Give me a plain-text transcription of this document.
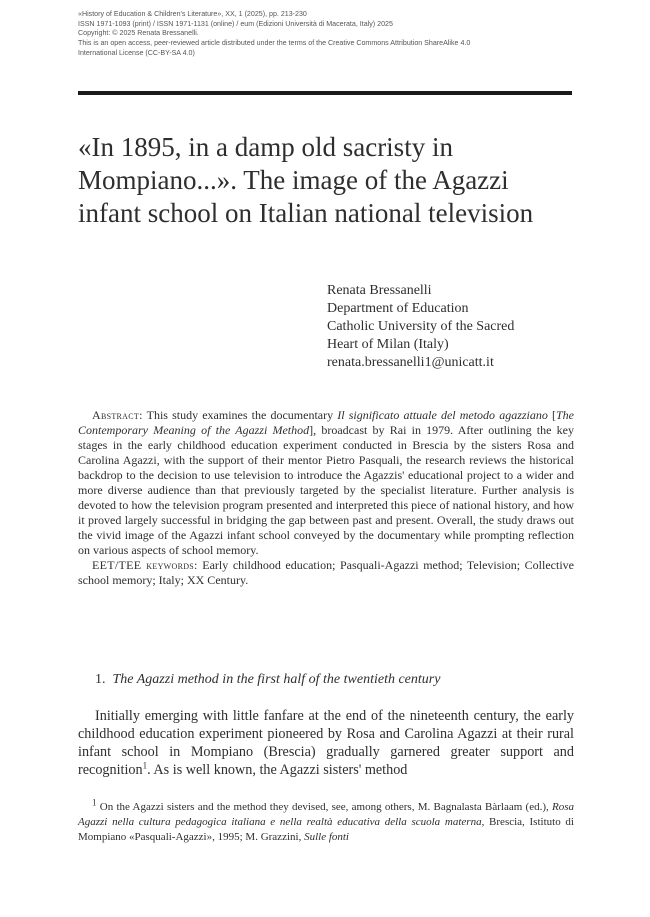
«History of Education & Children's Literature», XX, 1 (2025), pp. 213-230
ISSN 1971-1093 (print) / ISSN 1971-1131 (online) / eum (Edizioni Università di Macerata, Italy) 2025
Copyright: © 2025 Renata Bressanelli.
This is an open access, peer-reviewed article distributed under the terms of the Creative Commons Attribution ShareAlike 4.0
International License (CC-BY-SA 4.0)
«In 1895, in a damp old sacristy in Mompiano...». The image of the Agazzi infant school on Italian national television
Renata Bressanelli
Department of Education
Catholic University of the Sacred
Heart of Milan (Italy)
renata.bressanelli1@unicatt.it

Abstract: This study examines the documentary Il significato attuale del metodo agazziano [The Contemporary Meaning of the Agazzi Method], broadcast by Rai in 1979. After outlining the key stages in the early childhood education experiment conducted in Brescia by the sisters Rosa and Carolina Agazzi, with the support of their mentor Pietro Pasquali, the research reviews the historical backdrop to the decision to use television to introduce the Agazzis' educational project to a wider and more diverse audience than that previously targeted by the specialist literature. Further analysis is devoted to how the television program presented and interpreted this piece of national history, and how it proved largely successful in bridging the gap between past and present. Overall, the study draws out the vivid image of the Agazzi infant school conveyed by the documentary while prompting reflection on various aspects of school memory.

EET/TEE keywords: Early childhood education; Pasquali-Agazzi method; Television; Collective school memory; Italy; XX Century.

1. The Agazzi method in the first half of the twentieth century

Initially emerging with little fanfare at the end of the nineteenth century, the early childhood education experiment pioneered by Rosa and Carolina Agazzi at their rural infant school in Mompiano (Brescia) gradually garnered greater support and recognition$^1$. As is well known, the Agazzi sisters' method

$^1$ On the Agazzi sisters and the method they devised, see, among others, M. Bagnalasta Bàrlaam (ed.), Rosa Agazzi nella cultura pedagogica italiana e nella realtà educativa della scuola materna, Brescia, Istituto di Mompiano «Pasquali-Agazzi», 1995; M. Grazzini, Sulle fonti
